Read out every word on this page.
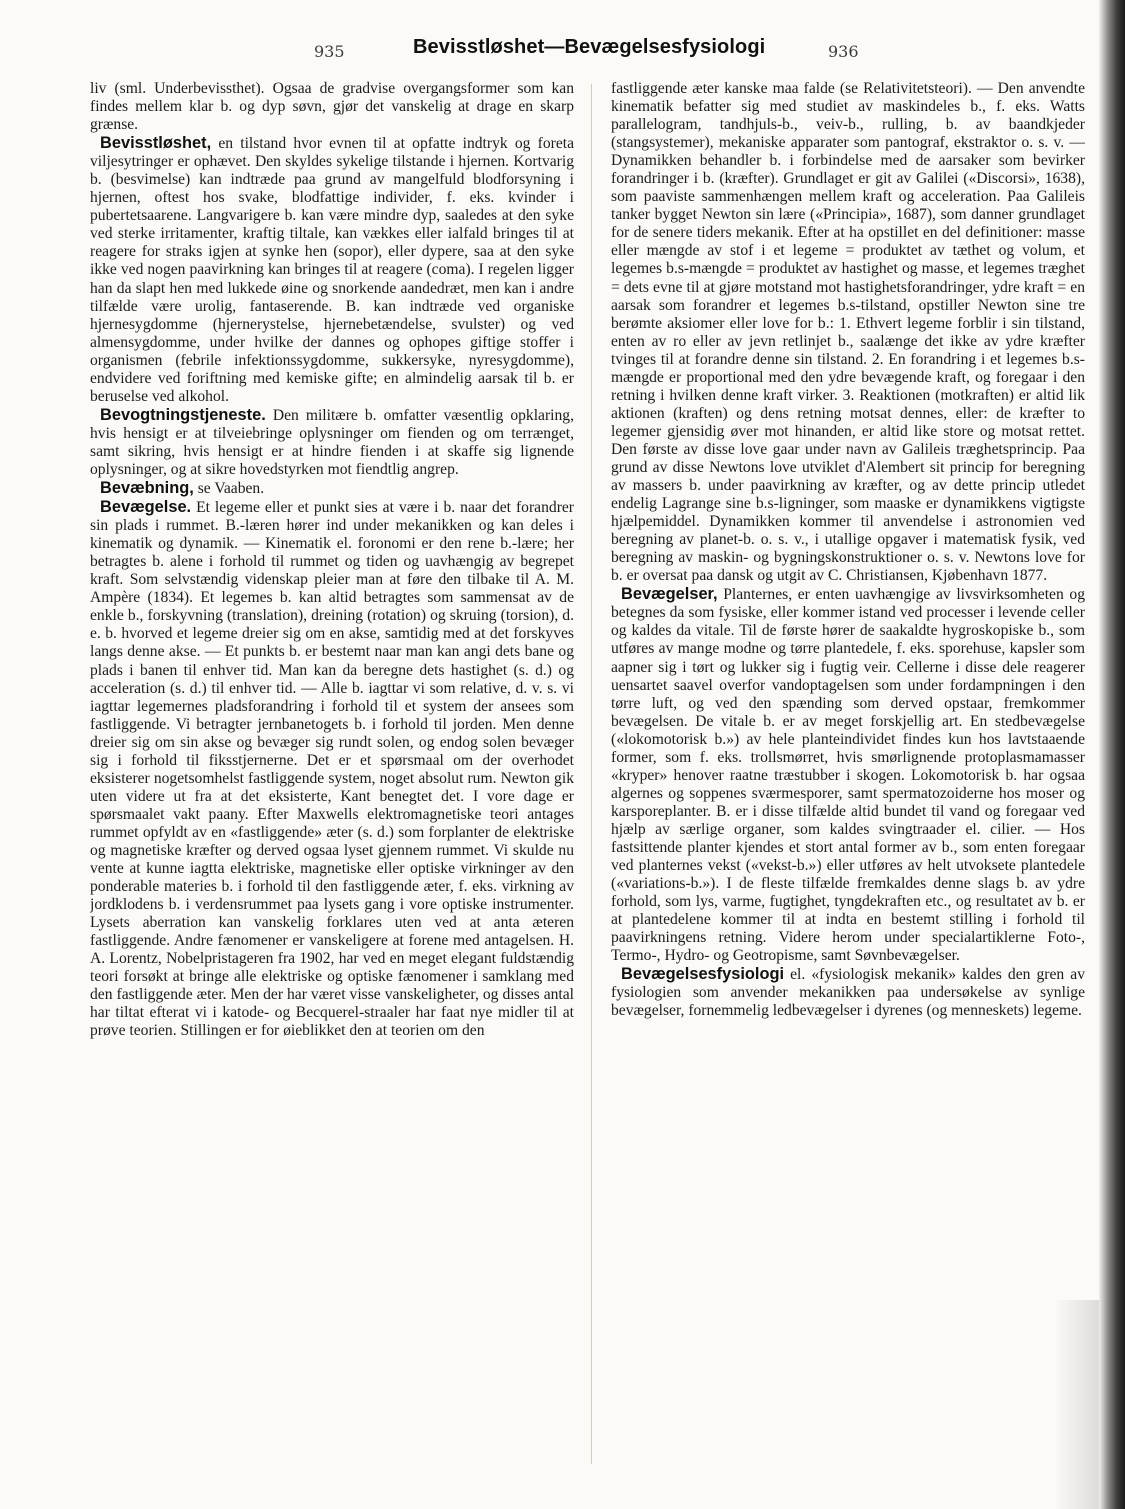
935	Bevisstløshet—Bevægelsesfysiologi	936

liv (sml. Underbevissthet). Ogsaa de gradvise overgangsformer som kan findes mellem klar b. og dyp søvn, gjør det vanskelig at drage en skarp grænse.

Bevisstløshet, en tilstand hvor evnen til at opfatte indtryk og foreta viljesytringer er ophævet. Den skyldes sykelige tilstande i hjernen. Kortvarig b. (besvimelse) kan indtræde paa grund av mangelfuld blodforsyning i hjernen, oftest hos svake, blodfattige individer, f. eks. kvinder i pubertetsaarene. Langvarigere b. kan være mindre dyp, saaledes at den syke ved sterke irritamenter, kraftig tiltale, kan vækkes eller ialfald bringes til at reagere for straks igjen at synke hen (sopor), eller dypere, saa at den syke ikke ved nogen paavirkning kan bringes til at reagere (coma). I regelen ligger han da slapt hen med lukkede øine og snorkende aandedræt, men kan i andre tilfælde være urolig, fantaserende. B. kan indtræde ved organiske hjernesygdomme (hjernerystelse, hjernebetændelse, svulster) og ved almensygdomme, under hvilke der dannes og ophopes giftige stoffer i organismen (febrile infektionssygdomme, sukkersyke, nyresygdomme), endvidere ved foriftning med kemiske gifte; en almindelig aarsak til b. er beruselse ved alkohol.

Bevogtningstjeneste. Den militære b. omfatter væsentlig opklaring, hvis hensigt er at tilveiebringe oplysninger om fienden og om terrænget, samt sikring, hvis hensigt er at hindre fienden i at skaffe sig lignende oplysninger, og at sikre hovedstyrken mot fiendtlig angrep.

Bevæbning, se Vaaben.

Bevægelse. Et legeme eller et punkt sies at være i b. naar det forandrer sin plads i rummet. B.-læren hører ind under mekanikken og kan deles i kinematik og dynamik. — Kinematik el. foronomi er den rene b.-lære; her betragtes b. alene i forhold til rummet og tiden og uavhængig av begrepet kraft. Som selvstændig videnskap pleier man at føre den tilbake til A. M. Ampère (1834). Et legemes b. kan altid betragtes som sammensat av de enkle b., forskyvning (translation), dreining (rotation) og skruing (torsion), d. e. b. hvorved et legeme dreier sig om en akse, samtidig med at det forskyves langs denne akse. — Et punkts b. er bestemt naar man kan angi dets bane og plads i banen til enhver tid. Man kan da beregne dets hastighet (s. d.) og acceleration (s. d.) til enhver tid. — Alle b. iagttar vi som relative, d. v. s. vi iagttar legemernes pladsforandring i forhold til et system der ansees som fastliggende. Vi betragter jernbanetogets b. i forhold til jorden. Men denne dreier sig om sin akse og bevæger sig rundt solen, og endog solen bevæger sig i forhold til fiksstjernerne. Det er et spørsmaal om der overhodet eksisterer nogetsomhelst fastliggende system, noget absolut rum. Newton gik uten videre ut fra at det eksisterte, Kant benegtet det. I vore dage er spørsmaalet vakt paany. Efter Maxwells elektromagnetiske teori antages rummet opfyldt av en «fastliggende» æter (s. d.) som forplanter de elektriske og magnetiske kræfter og derved ogsaa lyset gjennem rummet. Vi skulde nu vente at kunne iagtta elektriske, magnetiske eller optiske virkninger av den ponderable materies b. i forhold til den fastliggende æter, f. eks. virkning av jordklodens b. i verdensrummet paa lysets gang i vore optiske instrumenter. Lysets aberration kan vanskelig forklares uten ved at anta æteren fastliggende. Andre fænomener er vanskeligere at forene med antagelsen. H. A. Lorentz, Nobelpristageren fra 1902, har ved en meget elegant fuldstændig teori forsøkt at bringe alle elektriske og optiske fænomener i samklang med den fastliggende æter. Men der har været visse vanskeligheter, og disses antal har tiltat efterat vi i katode- og Becquerel-straaler har faat nye midler til at prøve teorien. Stillingen er for øieblikket den at teorien om den

fastliggende æter kanske maa falde (se Relativitetsteori). — Den anvendte kinematik befatter sig med studiet av maskindeles b., f. eks. Watts parallelogram, tandhjuls-b., veiv-b., rulling, b. av baandkjeder (stangsystemer), mekaniske apparater som pantograf, ekstraktor o. s. v. — Dynamikken behandler b. i forbindelse med de aarsaker som bevirker forandringer i b. (kræfter). Grundlaget er git av Galilei («Discorsi», 1638), som paaviste sammenhængen mellem kraft og acceleration. Paa Galileis tanker bygget Newton sin lære («Principia», 1687), som danner grundlaget for de senere tiders mekanik. Efter at ha opstillet en del definitioner: masse eller mængde av stof i et legeme = produktet av tæthet og volum, et legemes b.s-mængde = produktet av hastighet og masse, et legemes træghet = dets evne til at gjøre motstand mot hastighetsforandringer, ydre kraft = en aarsak som forandrer et legemes b.s-tilstand, opstiller Newton sine tre berømte aksiomer eller love for b.: 1. Ethvert legeme forblir i sin tilstand, enten av ro eller av jevn retlinjet b., saalænge det ikke av ydre kræfter tvinges til at forandre denne sin tilstand. 2. En forandring i et legemes b.s-mængde er proportional med den ydre bevægende kraft, og foregaar i den retning i hvilken denne kraft virker. 3. Reaktionen (motkraften) er altid lik aktionen (kraften) og dens retning motsat dennes, eller: de kræfter to legemer gjensidig øver mot hinanden, er altid like store og motsat rettet. Den første av disse love gaar under navn av Galileis træghetsprincip. Paa grund av disse Newtons love utviklet d'Alembert sit princip for beregning av massers b. under paavirkning av kræfter, og av dette princip utledet endelig Lagrange sine b.s-ligninger, som maaske er dynamikkens vigtigste hjælpemiddel. Dynamikken kommer til anvendelse i astronomien ved beregning av planet-b. o. s. v., i utallige opgaver i matematisk fysik, ved beregning av maskin- og bygningskonstruktioner o. s. v. Newtons love for b. er oversat paa dansk og utgit av C. Christiansen, Kjøbenhavn 1877.

Bevægelser, Planternes, er enten uavhængige av livsvirksomheten og betegnes da som fysiske, eller kommer istand ved processer i levende celler og kaldes da vitale. Til de første hører de saakaldte hygroskopiske b., som utføres av mange modne og tørre plantedele, f. eks. sporehuse, kapsler som aapner sig i tørt og lukker sig i fugtig veir. Cellerne i disse dele reagerer uensartet saavel overfor vandoptagelsen som under fordampningen i den tørre luft, og ved den spænding som derved opstaar, fremkommer bevægelsen. De vitale b. er av meget forskjellig art. En stedbevægelse («lokomotorisk b.») av hele planteindividet findes kun hos lavtstaaende former, som f. eks. trollsmørret, hvis smørlignende protoplasmamasser «kryper» henover raatne træstubber i skogen. Lokomotorisk b. har ogsaa algernes og soppenes sværmesporer, samt spermatozoiderne hos moser og karsporeplanter. B. er i disse tilfælde altid bundet til vand og foregaar ved hjælp av særlige organer, som kaldes svingtraader el. cilier. — Hos fastsittende planter kjendes et stort antal former av b., som enten foregaar ved planternes vekst («vekst-b.») eller utføres av helt utvoksete plantedele («variations-b.»). I de fleste tilfælde fremkaldes denne slags b. av ydre forhold, som lys, varme, fugtighet, tyngdekraften etc., og resultatet av b. er at plantedelene kommer til at indta en bestemt stilling i forhold til paavirkningens retning. Videre herom under specialartiklerne Foto-, Termo-, Hydro- og Geotropisme, samt Søvnbevægelser.

Bevægelsesfysiologi el. «fysiologisk mekanik» kaldes den gren av fysiologien som anvender mekanikken paa undersøkelse av synlige bevægelser, fornemmelig ledbevægelser i dyrenes (og menneskets) legeme.
